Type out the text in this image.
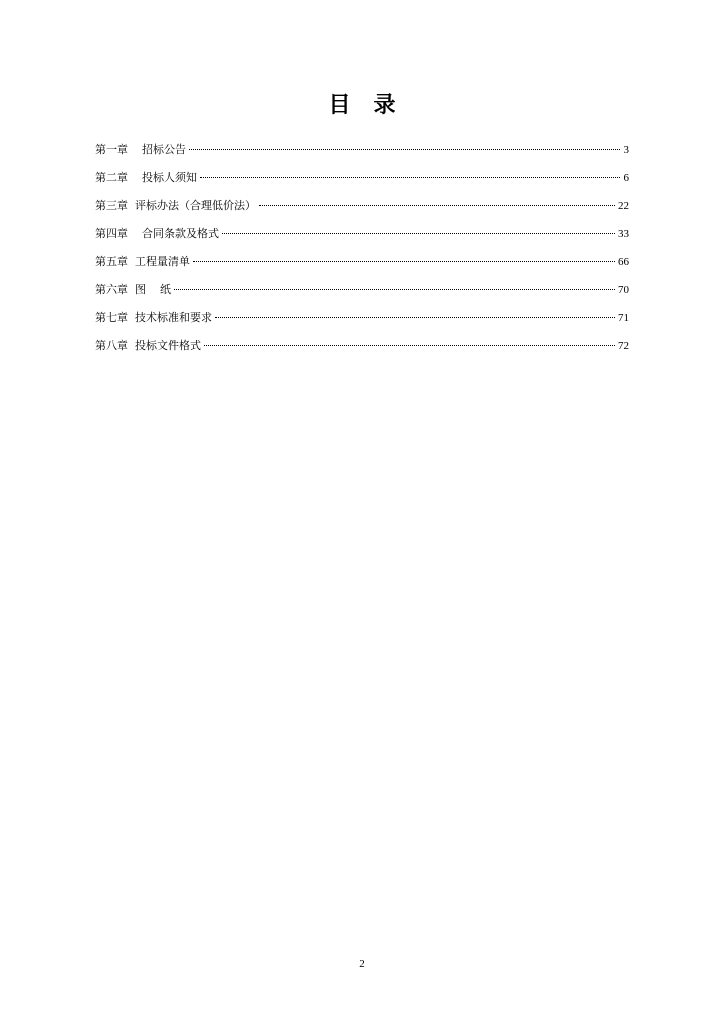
目   录
第一章    招标公告	3
第二章    投标人须知	6
第三章  评标办法（合理低价法）	22
第四章    合同条款及格式	33
第五章  工程量清单	66
第六章  图    纸	70
第七章  技术标准和要求	71
第八章  投标文件格式	72
2
